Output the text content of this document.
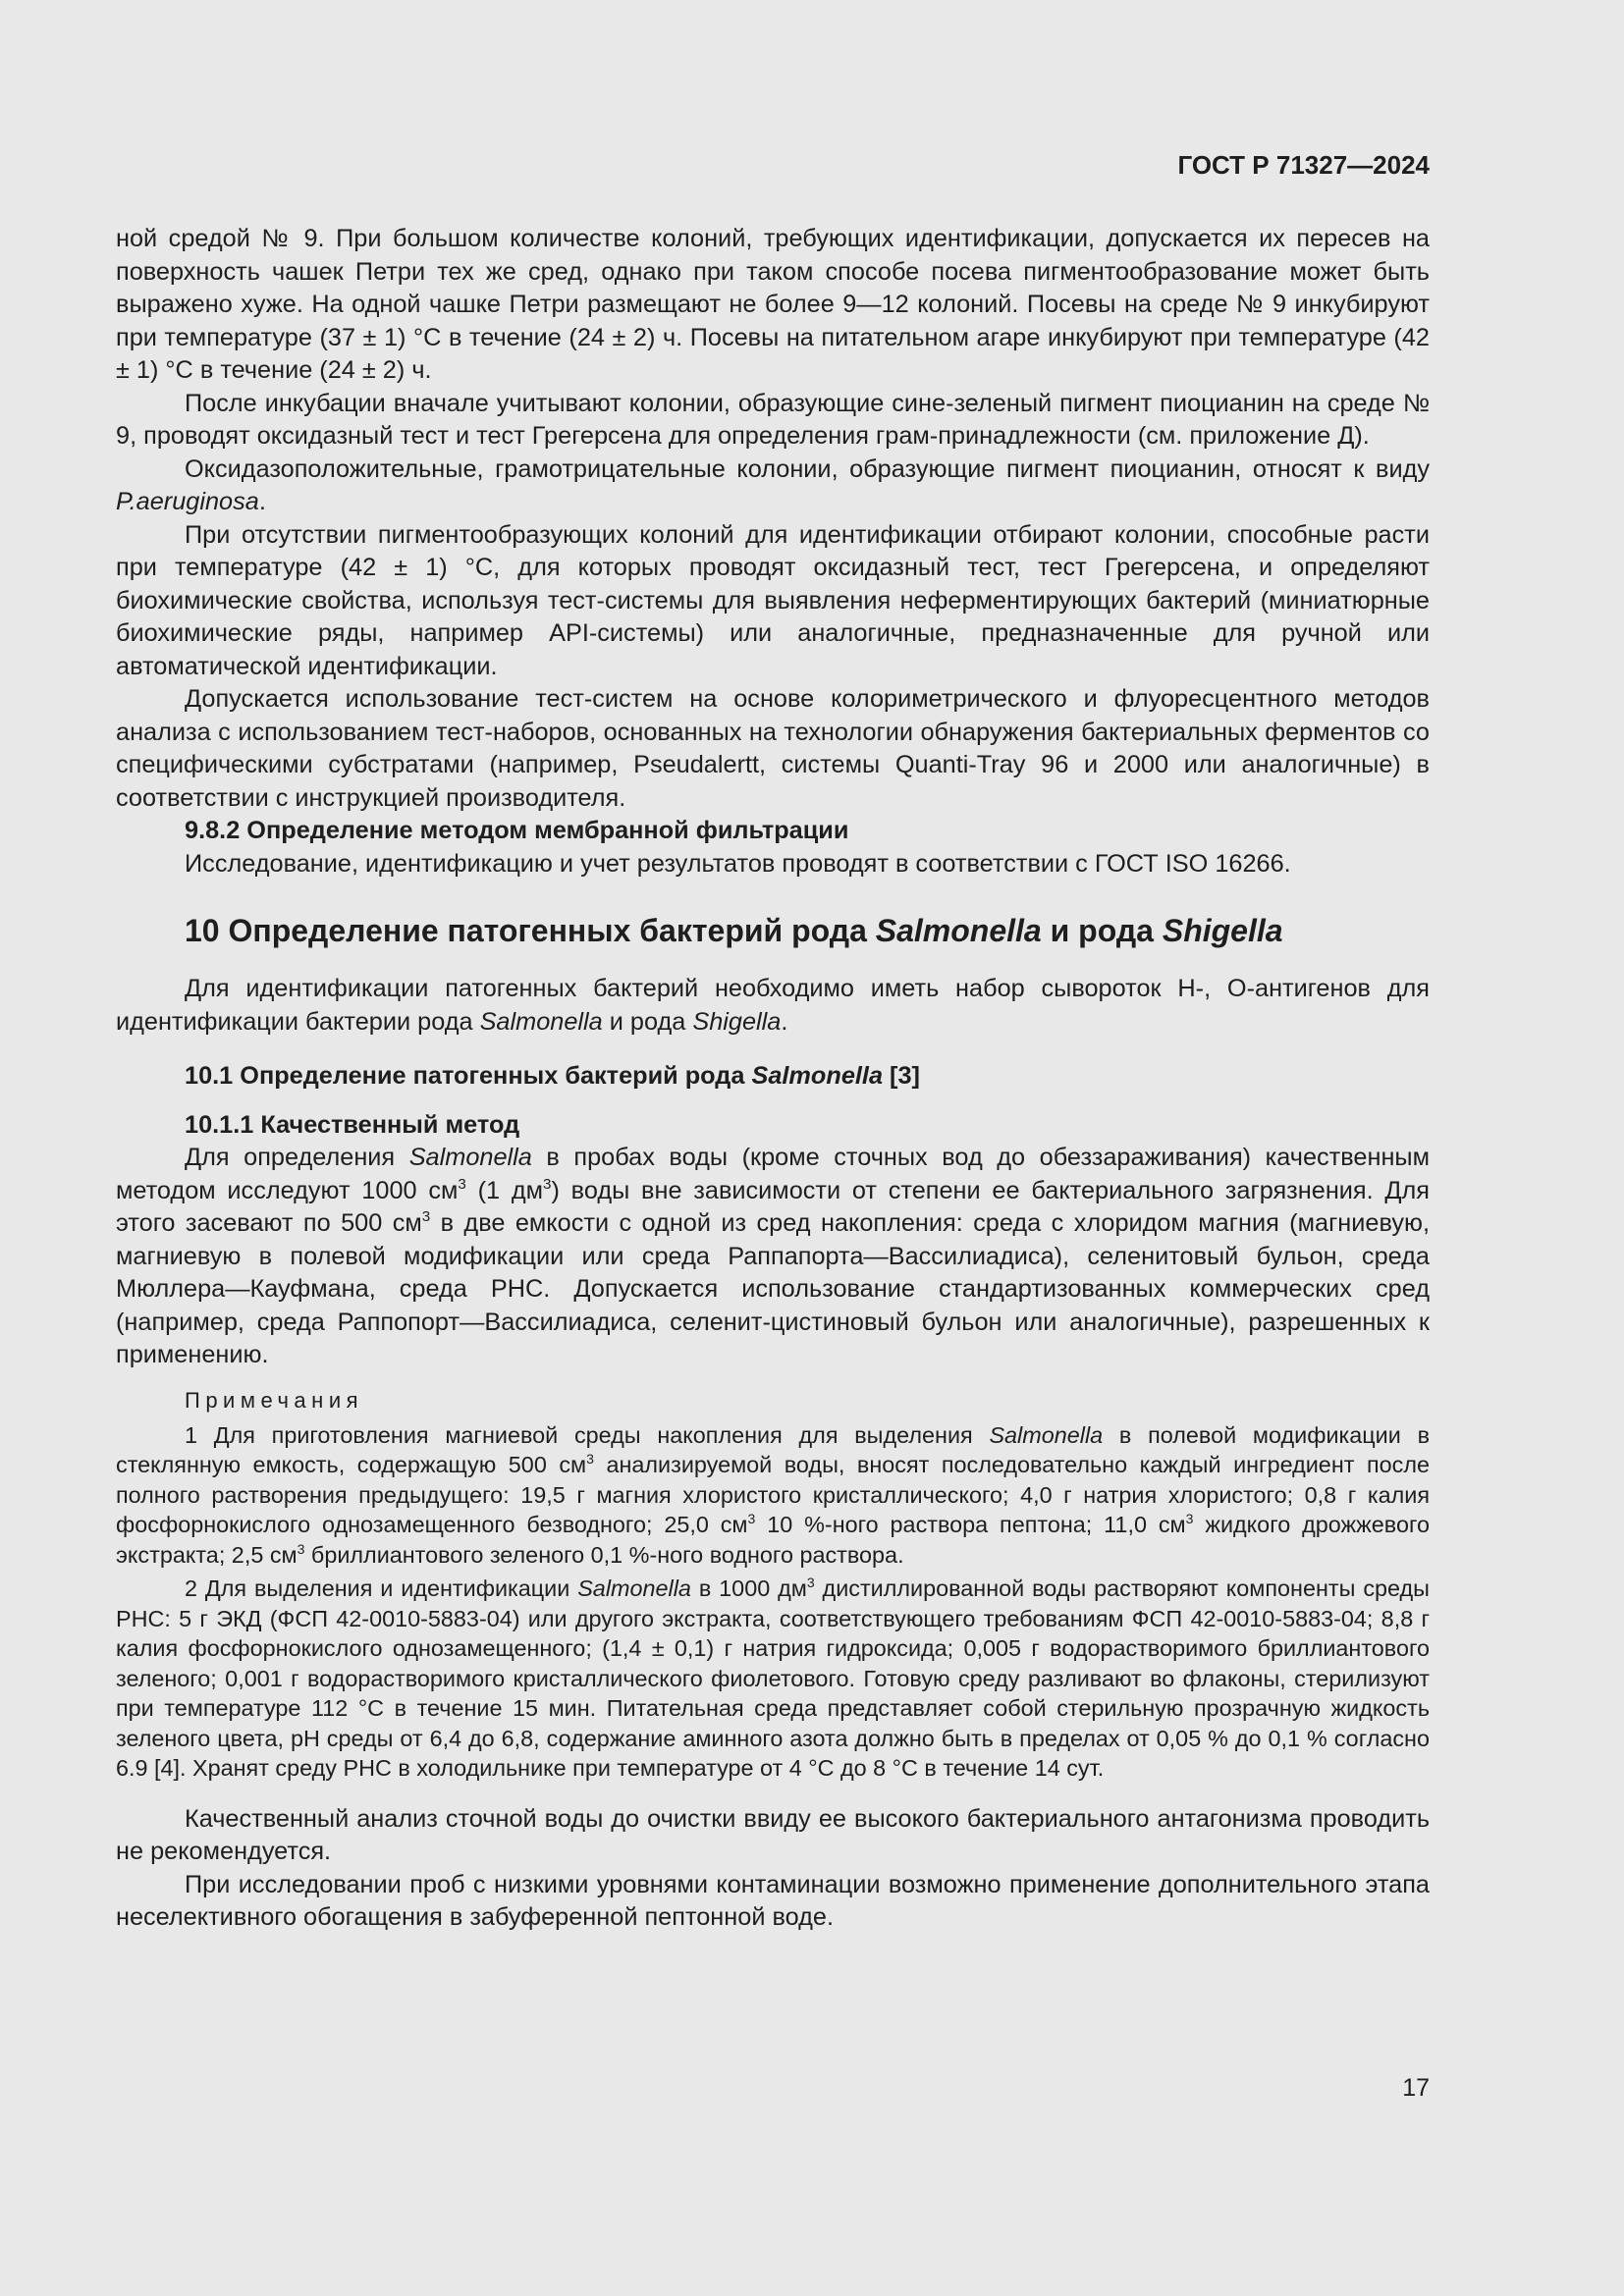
ГОСТ Р 71327—2024

ной средой № 9. При большом количестве колоний, требующих идентификации, допускается их пересев на поверхность чашек Петри тех же сред, однако при таком способе посева пигментообразование может быть выражено хуже. На одной чашке Петри размещают не более 9—12 колоний. Посевы на среде № 9 инкубируют при температуре (37 ± 1) °С в течение (24 ± 2) ч. Посевы на питательном агаре инкубируют при температуре (42 ± 1) °С в течение (24 ± 2) ч.

После инкубации вначале учитывают колонии, образующие сине-зеленый пигмент пиоцианин на среде № 9, проводят оксидазный тест и тест Грегерсена для определения грам-принадлежности (см. приложение Д).

Оксидазоположительные, грамотрицательные колонии, образующие пигмент пиоцианин, относят к виду P.aeruginosa.

При отсутствии пигментообразующих колоний для идентификации отбирают колонии, способные расти при температуре (42 ± 1) °С, для которых проводят оксидазный тест, тест Грегерсена, и определяют биохимические свойства, используя тест-системы для выявления неферментирующих бактерий (миниатюрные биохимические ряды, например API-системы) или аналогичные, предназначенные для ручной или автоматической идентификации.

Допускается использование тест-систем на основе колориметрического и флуоресцентного методов анализа с использованием тест-наборов, основанных на технологии обнаружения бактериальных ферментов со специфическими субстратами (например, Pseudalertt, системы Quanti-Tray 96 и 2000 или аналогичные) в соответствии с инструкцией производителя.

9.8.2 Определение методом мембранной фильтрации

Исследование, идентификацию и учет результатов проводят в соответствии с ГОСТ ISO 16266.

10 Определение патогенных бактерий рода Salmonella и рода Shigella

Для идентификации патогенных бактерий необходимо иметь набор сывороток Н-, О-антигенов для идентификации бактерии рода Salmonella и рода Shigella.

10.1 Определение патогенных бактерий рода Salmonella [3]
10.1.1 Качественный метод

Для определения Salmonella в пробах воды (кроме сточных вод до обеззараживания) качественным методом исследуют 1000 $см^3$ (1 $дм^3$) воды вне зависимости от степени ее бактериального загрязнения. Для этого засевают по 500 $см^3$ в две емкости с одной из сред накопления: среда с хлоридом магния (магниевую, магниевую в полевой модификации или среда Раппапорта—Вассилиадиса), селенитовый бульон, среда Мюллера—Кауфмана, среда РНС. Допускается использование стандартизованных коммерческих сред (например, среда Раппопорт—Вассилиадиса, селенит-цистиновый бульон или аналогичные), разрешенных к применению.

Примечания

1 Для приготовления магниевой среды накопления для выделения Salmonella в полевой модификации в стеклянную емкость, содержащую 500 $см^3$ анализируемой воды, вносят последовательно каждый ингредиент после полного растворения предыдущего: 19,5 г магния хлористого кристаллического; 4,0 г натрия хлористого; 0,8 г калия фосфорнокислого однозамещенного безводного; 25,0 $см^3$ 10 %-ного раствора пептона; 11,0 $см^3$ жидкого дрожжевого экстракта; 2,5 $см^3$ бриллиантового зеленого 0,1 %-ного водного раствора.

2 Для выделения и идентификации Salmonella в 1000 $дм^3$ дистиллированной воды растворяют компоненты среды РНС: 5 г ЭКД (ФСП 42-0010-5883-04) или другого экстракта, соответствующего требованиям ФСП 42-0010-5883-04; 8,8 г калия фосфорнокислого однозамещенного; (1,4 ± 0,1) г натрия гидроксида; 0,005 г водорастворимого бриллиантового зеленого; 0,001 г водорастворимого кристаллического фиолетового. Готовую среду разливают во флаконы, стерилизуют при температуре 112 °С в течение 15 мин. Питательная среда представляет собой стерильную прозрачную жидкость зеленого цвета, pH среды от 6,4 до 6,8, содержание аминного азота должно быть в пределах от 0,05 % до 0,1 % согласно 6.9 [4]. Хранят среду РНС в холодильнике при температуре от 4 °С до 8 °С в течение 14 сут.

Качественный анализ сточной воды до очистки ввиду ее высокого бактериального антагонизма проводить не рекомендуется.

При исследовании проб с низкими уровнями контаминации возможно применение дополнительного этапа неселективного обогащения в забуференной пептонной воде.

17
